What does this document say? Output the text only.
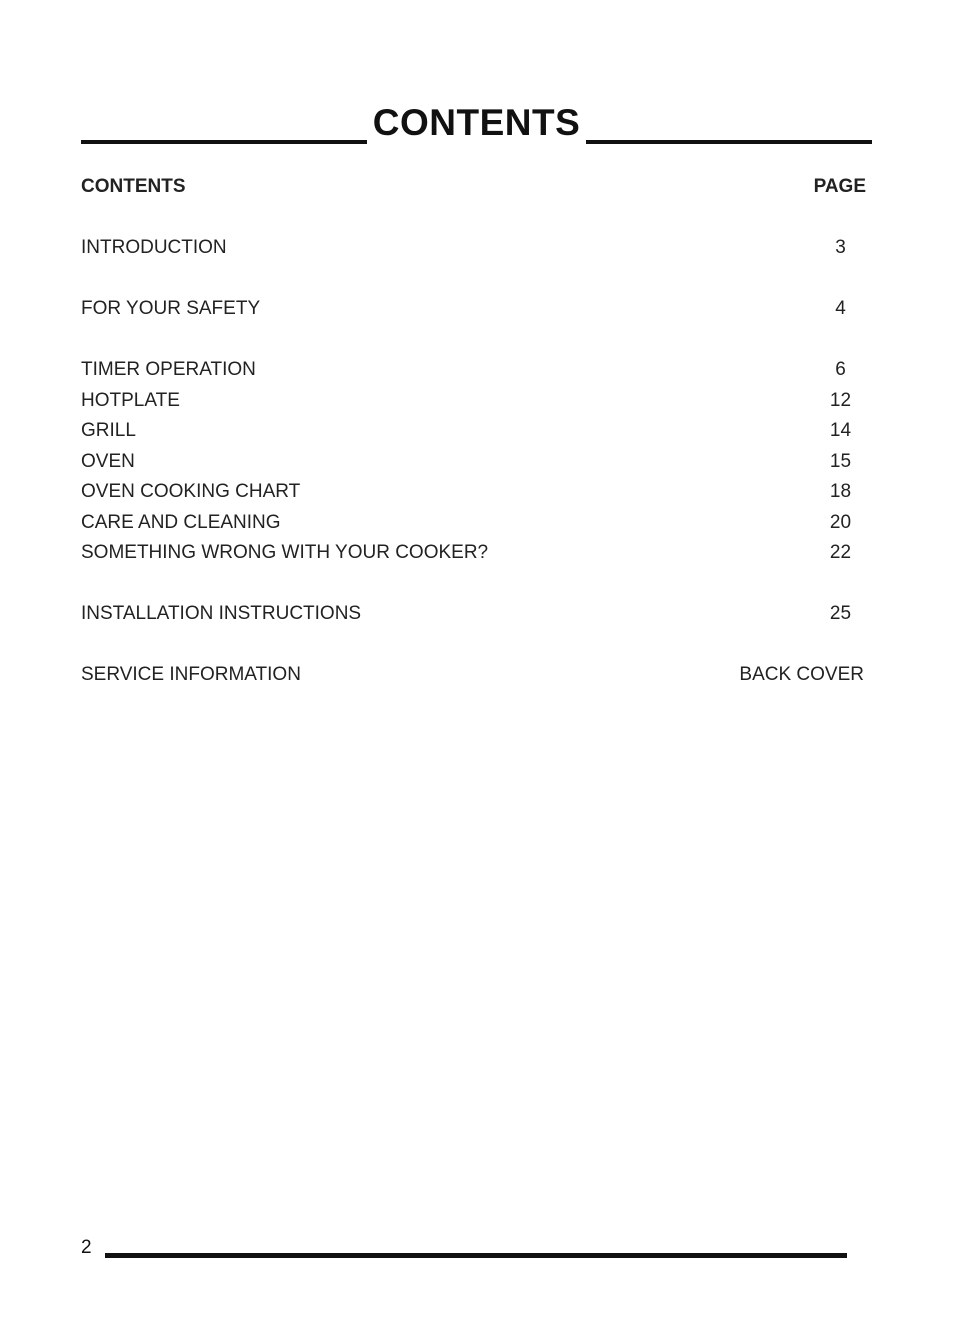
CONTENTS
CONTENTS	PAGE
INTRODUCTION	3
FOR YOUR SAFETY	4
TIMER OPERATION	6
HOTPLATE	12
GRILL	14
OVEN	15
OVEN COOKING CHART	18
CARE AND CLEANING	20
SOMETHING WRONG WITH YOUR COOKER?	22
INSTALLATION INSTRUCTIONS	25
SERVICE INFORMATION	BACK COVER
2
